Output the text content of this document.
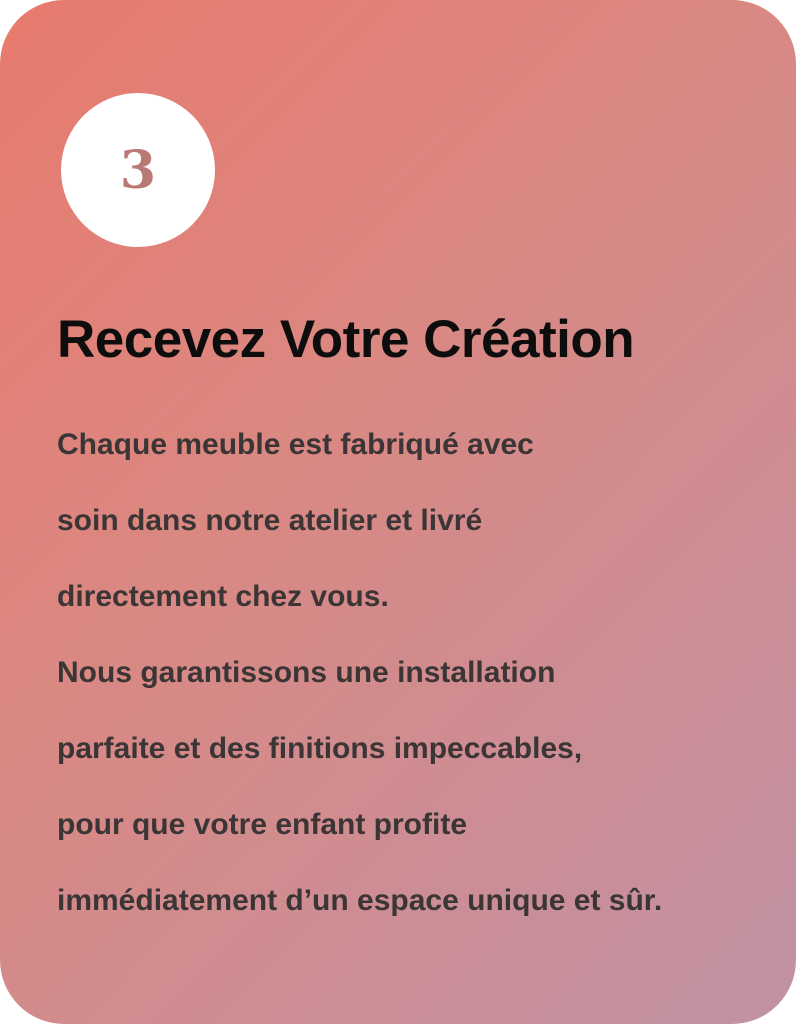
3
Recevez Votre Création
Chaque meuble est fabriqué avec
soin dans notre atelier et livré
directement chez vous.
Nous garantissons une installation
parfaite et des finitions impeccables,
pour que votre enfant profite
immédiatement d’un espace unique et sûr.
